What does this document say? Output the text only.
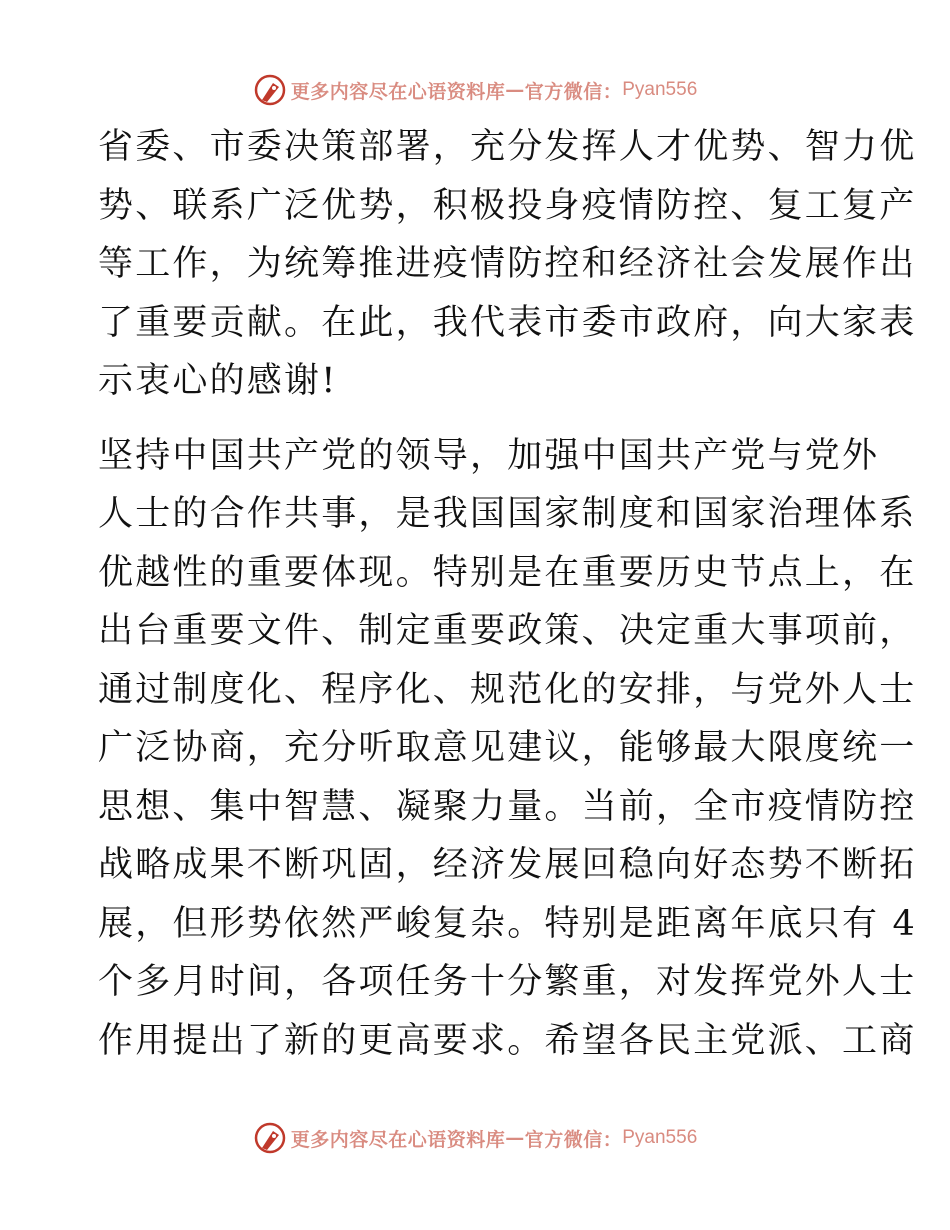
更多内容尽在心语资料库 — 官方微信： Pyan556
省委、市委决策部署，充分发挥人才优势、智力优
势、联系广泛优势，积极投身疫情防控、复工复产
等工作，为统筹推进疫情防控和经济社会发展作出
了重要贡献。在此，我代表市委市政府，向大家表
示衷心的感谢!
坚持中国共产党的领导，加强中国共产党与党外
人士的合作共事，是我国国家制度和国家治理体系
优越性的重要体现。特别是在重要历史节点上，在
出台重要文件、制定重要政策、决定重大事项前，
通过制度化、程序化、规范化的安排，与党外人士
广泛协商，充分听取意见建议，能够最大限度统一
思想、集中智慧、凝聚力量。当前，全市疫情防控
战略成果不断巩固，经济发展回稳向好态势不断拓
展，但形势依然严峻复杂。特别是距离年底只有 4
个多月时间，各项任务十分繁重，对发挥党外人士
作用提出了新的更高要求。希望各民主党派、工商
更多内容尽在心语资料库 — 官方微信： Pyan556
